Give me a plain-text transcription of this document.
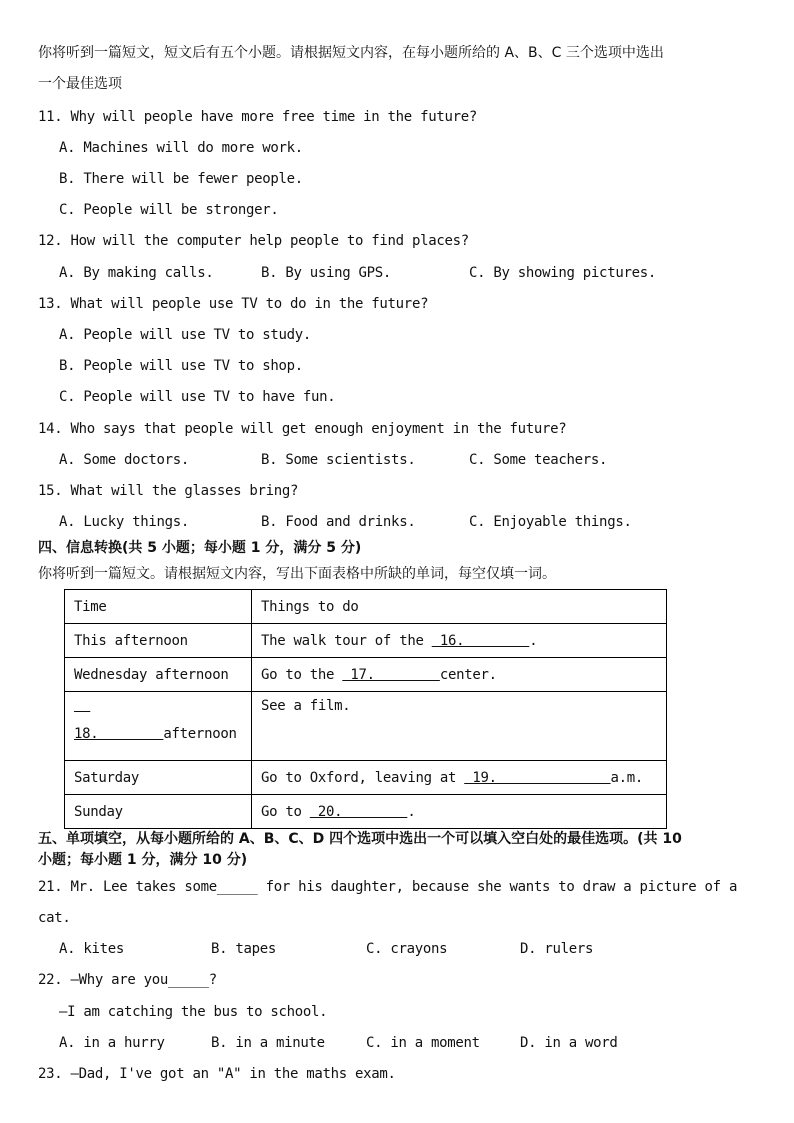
你将听到一篇短文，短文后有五个小题。请根据短文内容，在每小题所给的 A、B、C 三个选项中选出
一个最佳选项
11. Why will people have more free time in the future?
A. Machines will do more work.
B. There will be fewer people.
C. People will be stronger.
12. How will the computer help people to find places?
A. By making calls.	B. By using GPS.	C. By showing pictures.
13. What will people use TV to do in the future?
A. People will use TV to study.
B. People will use TV to shop.
C. People will use TV to have fun.
14. Who says that people will get enough enjoyment in the future?
A. Some doctors.	B. Some scientists.	C. Some teachers.
15. What will the glasses bring?
A. Lucky things.	B. Food and drinks.	C. Enjoyable things.
四、信息转换(共 5 小题；每小题 1 分，满分 5 分)
你将听到一篇短文。请根据短文内容，写出下面表格中所缺的单词，每空仅填一词。
Time	Things to do
This afternoon	The walk tour of the  16.        .
Wednesday afternoon	Go to the  17.        center.

18.        afternoon	See a film.
Saturday	Go to Oxford, leaving at  19.              a.m.
Sunday	Go to  20.        .
五、单项填空，从每小题所给的 A、B、C、D 四个选项中选出一个可以填入空白处的最佳选项。(共 10
小题；每小题 1 分，满分 10 分)
21. Mr. Lee takes some_____ for his daughter, because she wants to draw a picture of a
cat.
A. kites	B. tapes	C. crayons	D. rulers
22. —Why are you_____?
—I am catching the bus to school.
A. in a hurry	B. in a minute	C. in a moment	D. in a word
23. —Dad, I've got an "A" in the maths exam.
